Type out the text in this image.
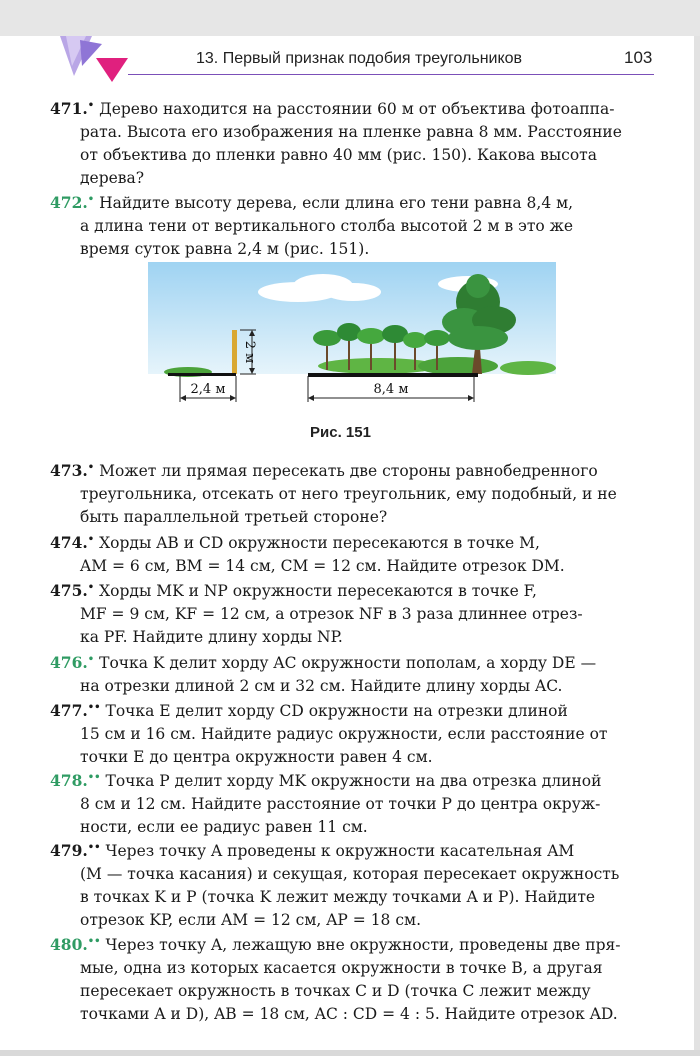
13. Первый признак подобия треугольников	103
471.• Дерево находится на расстоянии 60 м от объектива фотоаппа-
рата. Высота его изображения на пленке равна 8 мм. Расстояние
от объектива до пленки равно 40 мм (рис. 150). Какова высота
дерева?
472.• Найдите высоту дерева, если длина его тени равна 8,4 м,
а длина тени от вертикального столба высотой 2 м в это же
время суток равна 2,4 м (рис. 151).
2 м
2,4 м	8,4 м
Рис. 151
473.• Может ли прямая пересекать две стороны равнобедренного
треугольника, отсекать от него треугольник, ему подобный, и не
быть параллельной третьей стороне?
474.• Хорды AB и CD окружности пересекаются в точке M,
AM = 6 см, BM = 14 см, CM = 12 см. Найдите отрезок DM.
475.• Хорды MK и NP окружности пересекаются в точке F,
MF = 9 см, KF = 12 см, а отрезок NF в 3 раза длиннее отрез-
ка PF. Найдите длину хорды NP.
476.• Точка K делит хорду AC окружности пополам, а хорду DE —
на отрезки длиной 2 см и 32 см. Найдите длину хорды AC.
477.•• Точка E делит хорду CD окружности на отрезки длиной
15 см и 16 см. Найдите радиус окружности, если расстояние от
точки E до центра окружности равен 4 см.
478.•• Точка P делит хорду MK окружности на два отрезка длиной
8 см и 12 см. Найдите расстояние от точки P до центра окруж-
ности, если ее радиус равен 11 см.
479.•• Через точку A проведены к окружности касательная AM
(M — точка касания) и секущая, которая пересекает окружность
в точках K и P (точка K лежит между точками A и P). Найдите
отрезок KP, если AM = 12 см, AP = 18 см.
480.•• Через точку A, лежащую вне окружности, проведены две пря-
мые, одна из которых касается окружности в точке B, а другая
пересекает окружность в точках C и D (точка C лежит между
точками A и D), AB = 18 см, AC : CD = 4 : 5. Найдите отрезок AD.
